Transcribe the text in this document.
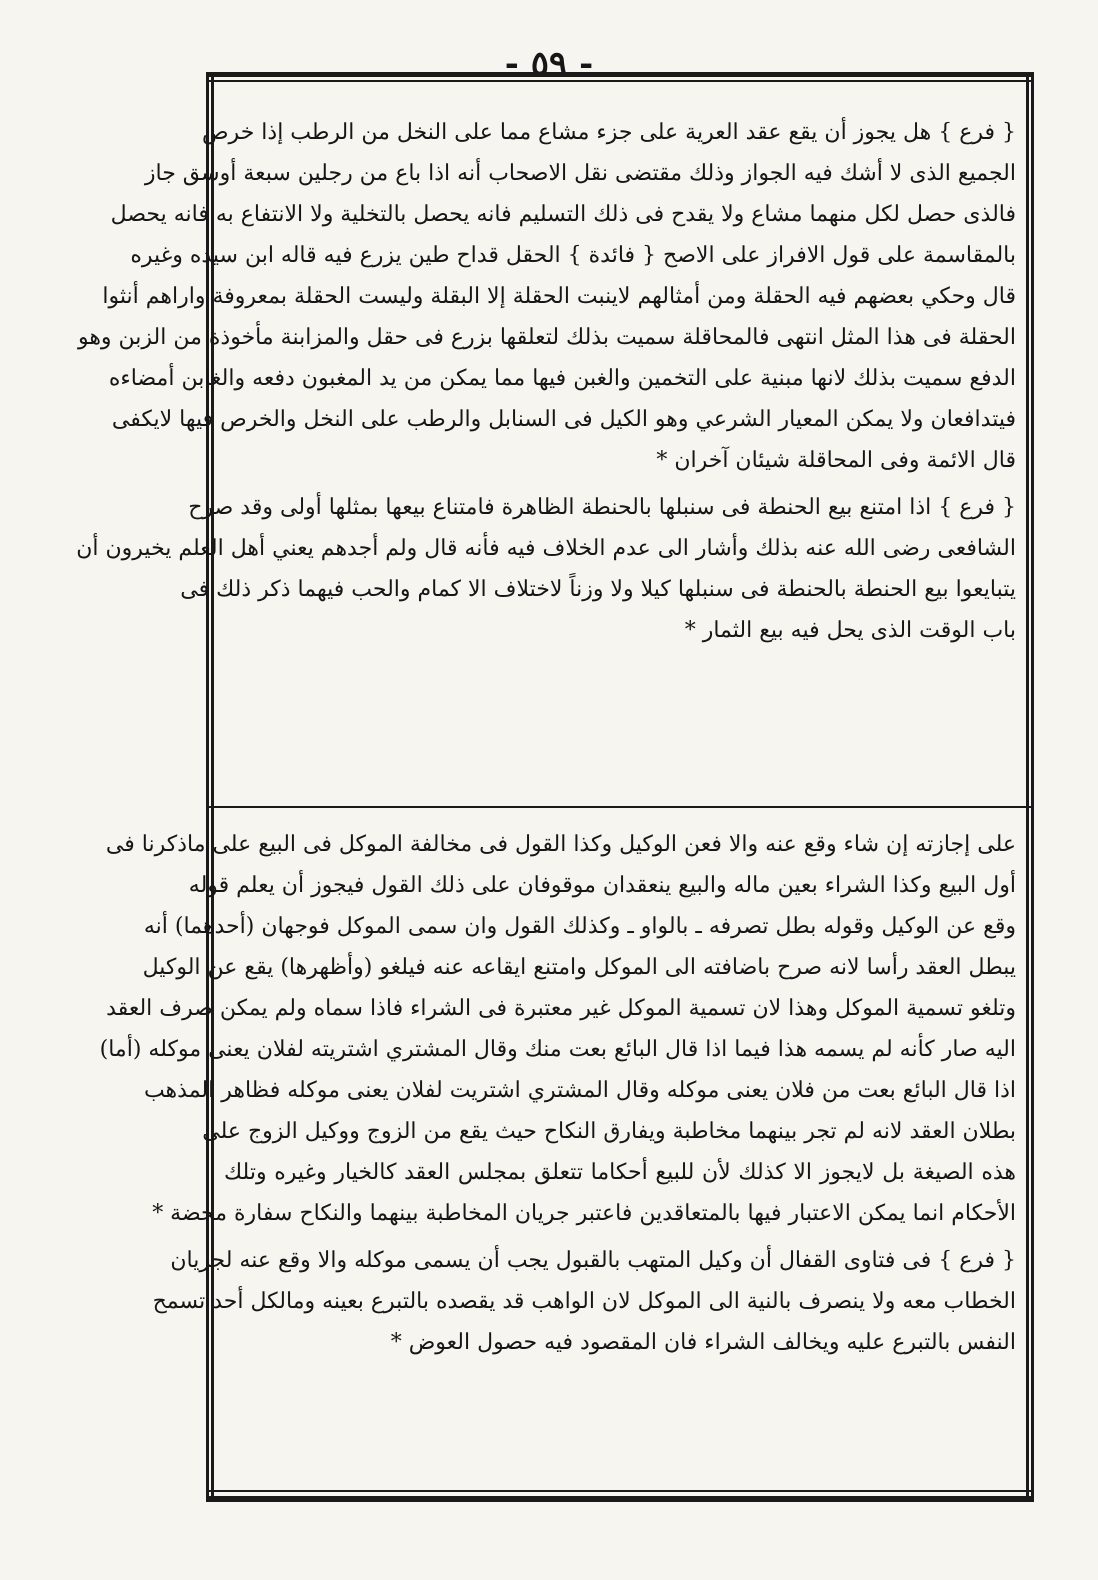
- ٥٩ -

{ فرع } هل يجوز أن يقع عقد العرية على جزء مشاع مما على النخل من الرطب إذا خرص
الجميع الذى لا أشك فيه الجواز وذلك مقتضى نقل الاصحاب أنه اذا باع من رجلين سبعة أوسق جاز
فالذى حصل لكل منهما مشاع ولا يقدح فى ذلك التسليم فانه يحصل بالتخلية ولا الانتفاع به فانه يحصل
بالمقاسمة على قول الافراز على الاصح { فائدة } الحقل قداح طين يزرع فيه قاله ابن سيده وغيره
قال وحكي بعضهم فيه الحقلة ومن أمثالهم لاينبت الحقلة إلا البقلة وليست الحقلة بمعروفة واراهم أنثوا
الحقلة فى هذا المثل انتهى فالمحاقلة سميت بذلك لتعلقها بزرع فى حقل والمزابنة مأخوذة من الزبن وهو
الدفع سميت بذلك لانها مبنية على التخمين والغبن فيها مما يمكن من يد المغبون دفعه والغابن أمضاءه
فيتدافعان ولا يمكن المعيار الشرعي وهو الكيل فى السنابل والرطب على النخل والخرص فيها لايكفى
قال الائمة وفى المحاقلة شيئان آخران ‌*

{ فرع } اذا امتنع بيع الحنطة فى سنبلها بالحنطة الظاهرة فامتناع بيعها بمثلها أولى وقد صرح
الشافعى رضى الله عنه بذلك وأشار الى عدم الخلاف فيه فأنه قال ولم أجدهم يعني أهل العلم يخيرون أن
يتبايعوا بيع الحنطة بالحنطة فى سنبلها كيلا ولا وزناً لاختلاف الا كمام والحب فيهما ذكر ذلك فى
باب الوقت الذى يحل فيه بيع الثمار ‌*

على إجازته إن شاء وقع عنه والا فعن الوكيل وكذا القول فى مخالفة الموكل فى البيع على ماذكرنا فى
أول البيع وكذا الشراء بعين ماله والبيع ينعقدان موقوفان على ذلك القول فيجوز أن يعلم قوله
وقع عن الوكيل وقوله بطل تصرفه ـ بالواو ـ وكذلك القول وان سمى الموكل فوجهان (أحدهما) أنه
يبطل العقد رأسا لانه صرح باضافته الى الموكل وامتنع ايقاعه عنه فيلغو (وأظهرها) يقع عن الوكيل
وتلغو تسمية الموكل وهذا لان تسمية الموكل غير معتبرة فى الشراء فاذا سماه ولم يمكن صرف العقد
اليه صار كأنه لم يسمه هذا فيما اذا قال البائع بعت منك وقال المشتري اشتريته لفلان يعنى موكله (أما)
اذا قال البائع بعت من فلان يعنى موكله وقال المشتري اشتريت لفلان يعنى موكله فظاهر المذهب
بطلان العقد لانه لم تجر بينهما مخاطبة ويفارق النكاح حيث يقع من الزوج ووكيل الزوج على
هذه الصيغة بل لايجوز الا كذلك لأن للبيع أحكاما تتعلق بمجلس العقد كالخيار وغيره وتلك
الأحكام انما يمكن الاعتبار فيها بالمتعاقدين فاعتبر جريان المخاطبة بينهما والنكاح سفارة محضة ‌*

{ فرع } فى فتاوى القفال أن وكيل المتهب بالقبول يجب أن يسمى موكله والا وقع عنه لجريان
الخطاب معه ولا ينصرف بالنية الى الموكل لان الواهب قد يقصده بالتبرع بعينه ومالكل أحد تسمح
النفس بالتبرع عليه ويخالف الشراء فان المقصود فيه حصول العوض ‌*
